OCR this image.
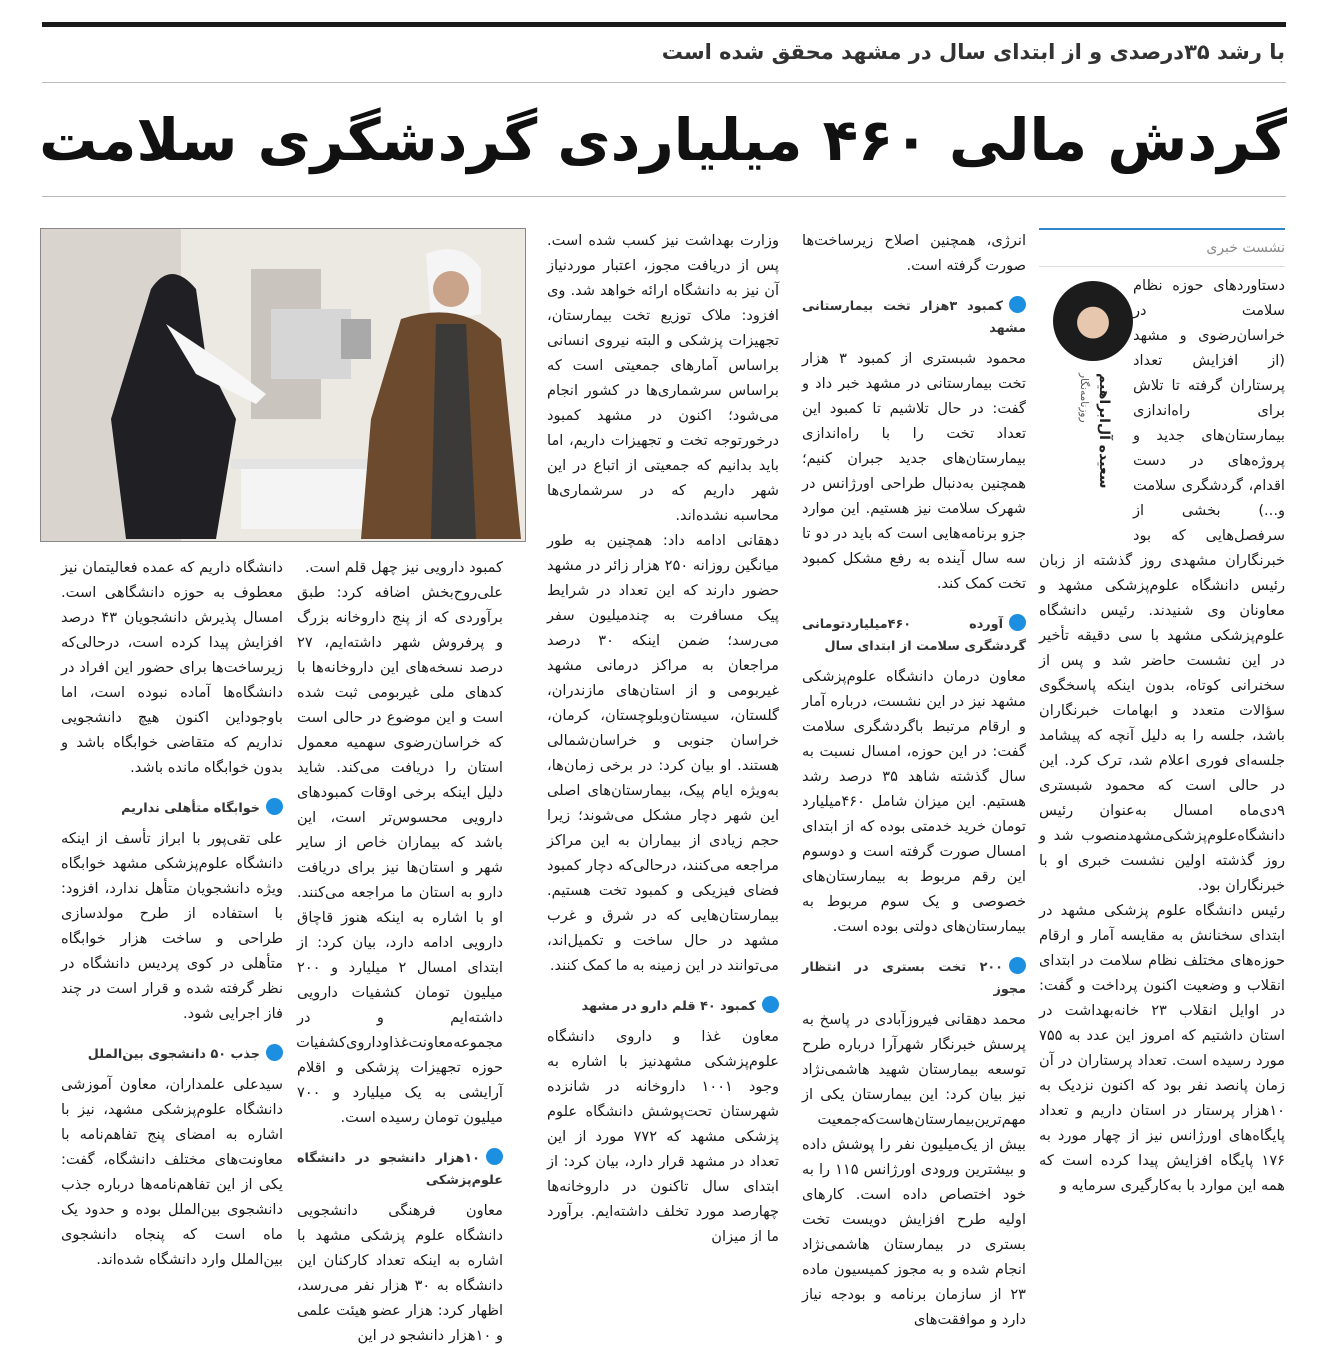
با رشد ۳۵درصدی و از ابتدای سال در مشهد محقق شده است
گردش مالی ۴۶۰ میلیاردی گردشگری سلامت
نشست خبری
سعیده آل‌ابراهیم
روزنامه‌نگار

دستاوردهای حوزه نظام سلامت در خراسان‌رضوی و مشهد (از افزایش تعداد پرستاران گرفته تا تلاش برای راه‌اندازی بیمارستان‌های جدید و پروژه‌های در دست اقدام، گردشگری سلامت و...) بخشی از سرفصل‌هایی که بود خبرنگاران مشهدی روز گذشته از زبان رئیس دانشگاه علوم‌پزشکی مشهد و معاونان وی شنیدند. رئیس دانشگاه علوم‌پزشکی مشهد با سی دقیقه تأخیر در این نشست حاضر شد و پس از سخنرانی کوتاه، بدون اینکه پاسخگوی سؤالات متعدد و ابهامات خبرنگاران باشد، جلسه را به دلیل آنچه که پیشامد جلسه‌ای فوری اعلام شد، ترک کرد. این در حالی است که محمود شبستری ۹دی‌ماه امسال به‌عنوان رئیس دانشگاه‌علوم‌پزشکی‌مشهدمنصوب شد و روز گذشته اولین نشست خبری او با خبرنگاران بود.

رئیس دانشگاه علوم پزشکی مشهد در ابتدای سخنانش به مقایسه آمار و ارقام حوزه‌های مختلف نظام سلامت در ابتدای انقلاب و وضعیت اکنون پرداخت و گفت: در اوایل انقلاب ۲۳ خانه‌بهداشت در استان داشتیم که امروز این عدد به ۷۵۵ مورد رسیده است. تعداد پرستاران در آن زمان پانصد نفر بود که اکنون نزدیک به ۱۰هزار پرستار در استان داریم و تعداد پایگاه‌های اورژانس نیز از چهار مورد به ۱۷۶ پایگاه افزایش پیدا کرده است که همه این موارد با به‌کارگیری سرمایه و

انرژی، همچنین اصلاح زیرساخت‌ها صورت گرفته است.

کمبود ۳هزار تخت بیمارستانی مشهد

محمود شبستری از کمبود ۳ هزار تخت بیمارستانی در مشهد خبر داد و گفت: در حال تلاشیم تا کمبود این تعداد تخت را با راه‌اندازی بیمارستان‌های جدید جبران کنیم؛ همچنین به‌دنبال طراحی اورژانس در شهرک سلامت نیز هستیم. این موارد جزو برنامه‌هایی است که باید در دو تا سه سال آینده به رفع مشکل کمبود تخت کمک کند.

آورده ۴۶۰میلیاردتومانی گردشگری سلامت از ابتدای سال

معاون درمان دانشگاه علوم‌پزشکی مشهد نیز در این نشست، درباره آمار و ارقام مرتبط باگردشگری سلامت گفت: در این حوزه، امسال نسبت به سال گذشته شاهد ۳۵ درصد رشد هستیم. این میزان شامل ۴۶۰میلیارد تومان خرید خدمتی بوده که از ابتدای امسال صورت گرفته است و دوسوم این رقم مربوط به بیمارستان‌های خصوصی و یک سوم مربوط به بیمارستان‌های دولتی بوده است.

۲۰۰ تخت بستری در انتظار مجوز

محمد دهقانی فیروزآبادی در پاسخ به پرسش خبرنگار شهرآرا درباره طرح توسعه بیمارستان شهید هاشمی‌نژاد نیز بیان کرد: این بیمارستان یکی از مهم‌ترین‌بیمارستان‌هاست‌که‌جمعیت بیش از یک‌میلیون نفر را پوشش داده و بیشترین ورودی اورژانس ۱۱۵ را به خود اختصاص داده است. کارهای اولیه طرح افزایش دویست تخت بستری در بیمارستان هاشمی‌نژاد انجام شده و به مجوز کمیسیون ماده ۲۳ از سازمان برنامه و بودجه نیاز دارد و موافقت‌های

وزارت بهداشت نیز کسب شده است. پس از دریافت مجوز، اعتبار موردنیاز آن نیز به دانشگاه ارائه خواهد شد. وی افزود: ملاک توزیع تخت بیمارستان، تجهیزات پزشکی و البته نیروی انسانی براساس آمارهای جمعیتی است که براساس سرشماری‌ها در کشور انجام می‌شود؛ اکنون در مشهد کمبود درخورتوجه تخت و تجهیزات داریم، اما باید بدانیم که جمعیتی از اتباع در این شهر داریم که در سرشماری‌ها محاسبه نشده‌اند.

دهقانی ادامه داد: همچنین به طور میانگین روزانه ۲۵۰ هزار زائر در مشهد حضور دارند که این تعداد در شرایط پیک مسافرت به چندمیلیون سفر می‌رسد؛ ضمن اینکه ۳۰ درصد مراجعان به مراکز درمانی مشهد غیربومی و از استان‌های مازندران، گلستان، سیستان‌وبلوچستان، کرمان، خراسان جنوبی و خراسان‌شمالی هستند. او بیان کرد: در برخی زمان‌ها، به‌ویژه ایام پیک، بیمارستان‌های اصلی این شهر دچار مشکل می‌شوند؛ زیرا حجم زیادی از بیماران به این مراکز مراجعه می‌کنند، درحالی‌که دچار کمبود فضای فیزیکی و کمبود تخت هستیم. بیمارستان‌هایی که در شرق و غرب مشهد در حال ساخت و تکمیل‌اند، می‌توانند در این زمینه به ما کمک کنند.

کمبود ۴۰ قلم دارو در مشهد

معاون غذا و داروی دانشگاه علوم‌پزشکی مشهدنیز با اشاره به وجود ۱۰۰۱ داروخانه در شانزده شهرستان تحت‌پوشش دانشگاه علوم پزشکی مشهد که ۷۷۲ مورد از این تعداد در مشهد قرار دارد، بیان کرد: از ابتدای سال تاکنون در داروخانه‌ها چهارصد مورد تخلف داشته‌ایم. برآورد ما از میزان

کمبود دارویی نیز چهل قلم است.

علی‌روح‌بخش اضافه کرد: طبق برآوردی که از پنج داروخانه بزرگ و پرفروش شهر داشته‌ایم، ۲۷ درصد نسخه‌های این داروخانه‌ها با کدهای ملی غیربومی ثبت شده است و این موضوع در حالی است که خراسان‌رضوی سهمیه معمول استان را دریافت می‌کند. شاید دلیل اینکه برخی اوقات کمبودهای دارویی محسوس‌تر است، این باشد که بیماران خاص از سایر شهر و استان‌ها نیز برای دریافت دارو به استان ما مراجعه می‌کنند. او با اشاره به اینکه هنوز قاچاق دارویی ادامه دارد، بیان کرد: از ابتدای امسال ۲ میلیارد و ۲۰۰ میلیون تومان کشفیات دارویی داشته‌ایم و در مجموعه‌معاونت‌غذا‌وداروی‌کشفیات حوزه تجهیزات پزشکی و اقلام آرایشی به یک میلیارد و ۷۰۰ میلیون تومان رسیده است.

۱۰هزار دانشجو در دانشگاه علوم‌پزشکی

معاون فرهنگی دانشجویی دانشگاه علوم پزشکی مشهد با اشاره به اینکه تعداد کارکنان این دانشگاه به ۳۰ هزار نفر می‌رسد، اظهار کرد: هزار عضو هیئت علمی و ۱۰هزار دانشجو در این

دانشگاه داریم که عمده فعالیتمان نیز معطوف به حوزه دانشگاهی است. امسال پذیرش دانشجویان ۴۳ درصد افزایش پیدا کرده است، درحالی‌که زیرساخت‌ها برای حضور این افراد در دانشگاه‌ها آماده نبوده است، اما باوجوداین اکنون هیچ دانشجویی نداریم که متقاضی خوابگاه باشد و بدون خوابگاه مانده باشد.

خوابگاه متأهلی نداریم

علی تقی‌پور با ابراز تأسف از اینکه دانشگاه علوم‌پزشکی مشهد خوابگاه ویژه دانشجویان متأهل ندارد، افزود: با استفاده از طرح مولدسازی طراحی و ساخت هزار خوابگاه متأهلی در کوی پردیس دانشگاه در نظر گرفته شده و قرار است در چند فاز اجرایی شود.

جذب ۵۰ دانشجوی بین‌الملل

سیدعلی علمداران، معاون آموزشی دانشگاه علوم‌پزشکی مشهد، نیز با اشاره به امضای پنج تفاهم‌نامه با معاونت‌های مختلف دانشگاه، گفت: یکی از این تفاهم‌نامه‌ها درباره جذب دانشجوی بین‌الملل بوده و حدود یک ماه است که پنجاه دانشجوی بین‌الملل وارد دانشگاه شده‌اند.
